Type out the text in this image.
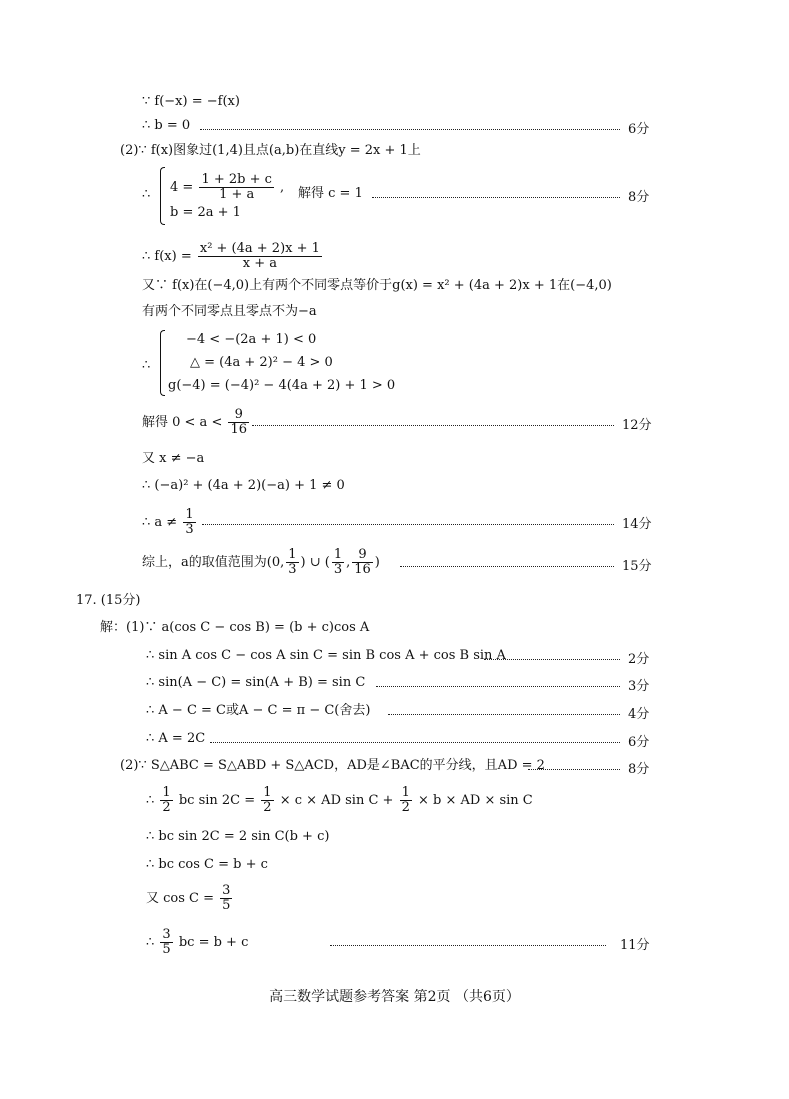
∵ f(−x) = −f(x)
∴ b = 0	6分
(2)∵ f(x)图象过(1,4)且点(a,b)在直线y = 2x + 1上
∴ $4 = \frac{1 + 2b + c}{1 + a}$ ,
b = 2a + 1
解得 c = 1	8分
∴ $f(x) = \frac{\text{x² + (4a + 2)x + 1}}{x + a}$
又∵ f(x)在(−4,0)上有两个不同零点等价于g(x) = x² + (4a + 2)x + 1在(−4,0)
有两个不同零点且零点不为−a
∴
−4 < −(2a + 1) < 0
△ = (4a + 2)² − 4 > 0
g(−4) = (−4)² − 4(4a + 2) + 1 > 0
解得 $0 < a < \frac{9}{16}$	12分
又 x ≠ −a
∴ (−a)² + (4a + 2)(−a) + 1 ≠ 0
∴ $a \ne \frac{1}{3}$	14分
综上，a的取值范围为(0, $\frac{1}{3}$ ) ∪ ( $\frac{1}{3}$ , $\frac{9}{16}$ )	15分
17. (15分)
解：(1)∵ a(cos C − cos B) = (b + c)cos A
∴ sin A cos C − cos A sin C = sin B cos A + cos B sin A	2分
∴ sin(A − C) = sin(A + B) = sin C	3分
∴ A − C = C或A − C = π − C(舍去)	4分
∴ A = 2C	6分
(2)∵ S△ABC = S△ABD + S△ACD，AD是∠BAC的平分线，且AD = 2	8分
∴ $\frac{1}{2}$ bc $\sin 2C = \frac{1}{2} \times c$ × AD $\sin C + \frac{1}{2} \times b$ × AD × sin C
∴ bc sin 2C = 2 sin C(b + c)
∴ bc cos C = b + c
又 $\cos C = \frac{3}{5}$
∴ $\frac{3}{5}$ bc = b + c	11分
高三数学试题参考答案 第2页 （共6页）
